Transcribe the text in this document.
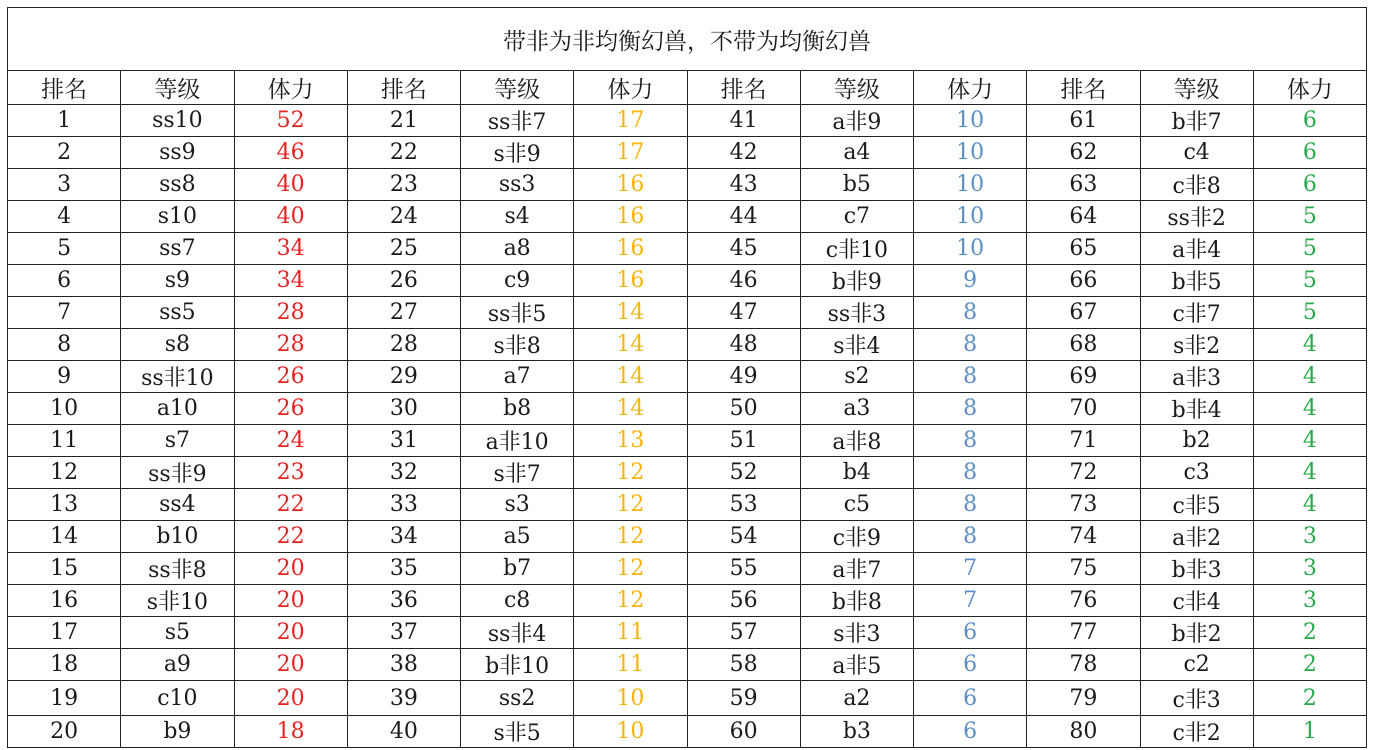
带非为非均衡幻兽，不带为均衡幻兽											
排名	等级	体力	排名	等级	体力	排名	等级	体力	排名	等级	体力
1	ss10	52	21	ss非7	17	41	a非9	10	61	b非7	6
2	ss9	46	22	s非9	17	42	a4	10	62	c4	6
3	ss8	40	23	ss3	16	43	b5	10	63	c非8	6
4	s10	40	24	s4	16	44	c7	10	64	ss非2	5
5	ss7	34	25	a8	16	45	c非10	10	65	a非4	5
6	s9	34	26	c9	16	46	b非9	9	66	b非5	5
7	ss5	28	27	ss非5	14	47	ss非3	8	67	c非7	5
8	s8	28	28	s非8	14	48	s非4	8	68	s非2	4
9	ss非10	26	29	a7	14	49	s2	8	69	a非3	4
10	a10	26	30	b8	14	50	a3	8	70	b非4	4
11	s7	24	31	a非10	13	51	a非8	8	71	b2	4
12	ss非9	23	32	s非7	12	52	b4	8	72	c3	4
13	ss4	22	33	s3	12	53	c5	8	73	c非5	4
14	b10	22	34	a5	12	54	c非9	8	74	a非2	3
15	ss非8	20	35	b7	12	55	a非7	7	75	b非3	3
16	s非10	20	36	c8	12	56	b非8	7	76	c非4	3
17	s5	20	37	ss非4	11	57	s非3	6	77	b非2	2
18	a9	20	38	b非10	11	58	a非5	6	78	c2	2
19	c10	20	39	ss2	10	59	a2	6	79	c非3	2
20	b9	18	40	s非5	10	60	b3	6	80	c非2	1
